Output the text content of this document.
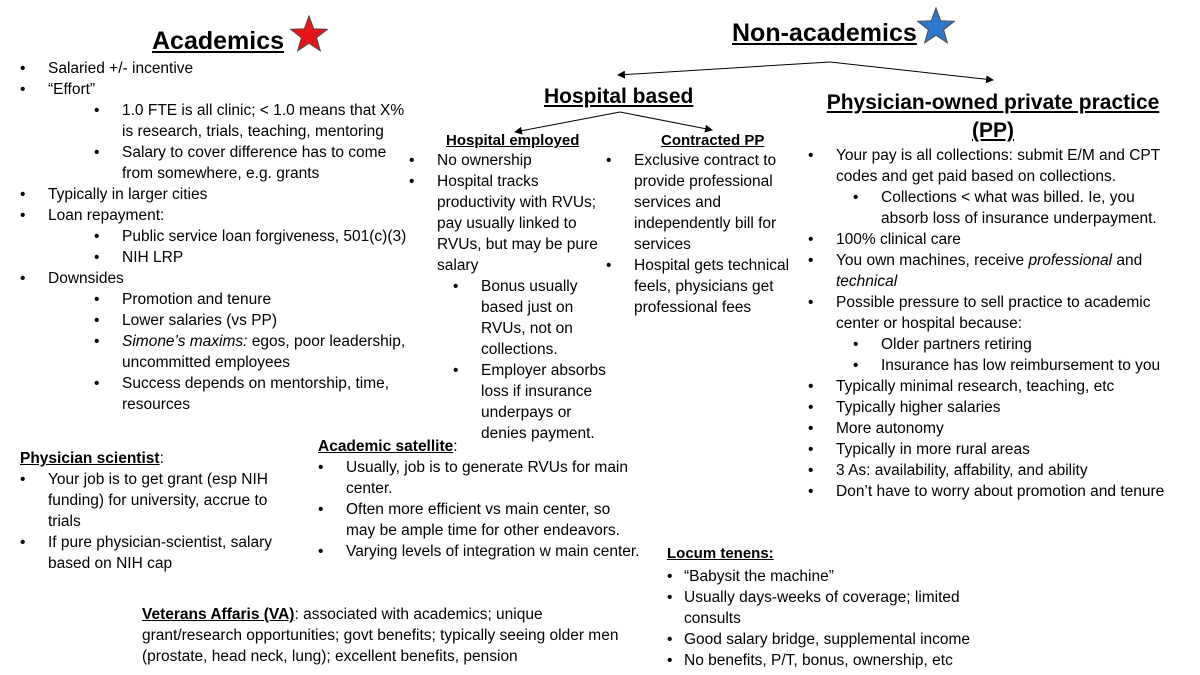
Academics
• Salaried +/- incentive
• “Effort”
• 1.0 FTE is all clinic; < 1.0 means that X% is research, trials, teaching, mentoring
• Salary to cover difference has to come from somewhere, e.g. grants
• Typically in larger cities
• Loan repayment:
• Public service loan forgiveness, 501(c)(3)
• NIH LRP
• Downsides
• Promotion and tenure
• Lower salaries (vs PP)
• Simone’s maxims: egos, poor leadership, uncommitted employees
• Success depends on mentorship, time, resources
Physician scientist:
• Your job is to get grant (esp NIH funding) for university, accrue to trials
• If pure physician-scientist, salary based on NIH cap
Academic satellite:
• Usually, job is to generate RVUs for main center.
• Often more efficient vs main center, so may be ample time for other endeavors.
• Varying levels of integration w main center.
Veterans Affaris (VA): associated with academics; unique grant/research opportunities; govt benefits; typically seeing older men (prostate, head neck, lung); excellent benefits, pension
Non-academics
Hospital based
Hospital employed
• No ownership
• Hospital tracks productivity with RVUs; pay usually linked to RVUs, but may be pure salary
• Bonus usually based just on RVUs, not on collections.
• Employer absorbs loss if insurance underpays or denies payment.
Contracted PP
• Exclusive contract to provide professional services and independently bill for services
• Hospital gets technical feels, physicians get professional fees
Physician-owned private practice (PP)
• Your pay is all collections: submit E/M and CPT codes and get paid based on collections.
• Collections < what was billed. Ie, you absorb loss of insurance underpayment.
• 100% clinical care
• You own machines, receive professional and technical
• Possible pressure to sell practice to academic center or hospital because:
• Older partners retiring
• Insurance has low reimbursement to you
• Typically minimal research, teaching, etc
• Typically higher salaries
• More autonomy
• Typically in more rural areas
• 3 As: availability, affability, and ability
• Don’t have to worry about promotion and tenure
Locum tenens:
• “Babysit the machine”
• Usually days-weeks of coverage; limited consults
• Good salary bridge, supplemental income
• No benefits, P/T, bonus, ownership, etc
